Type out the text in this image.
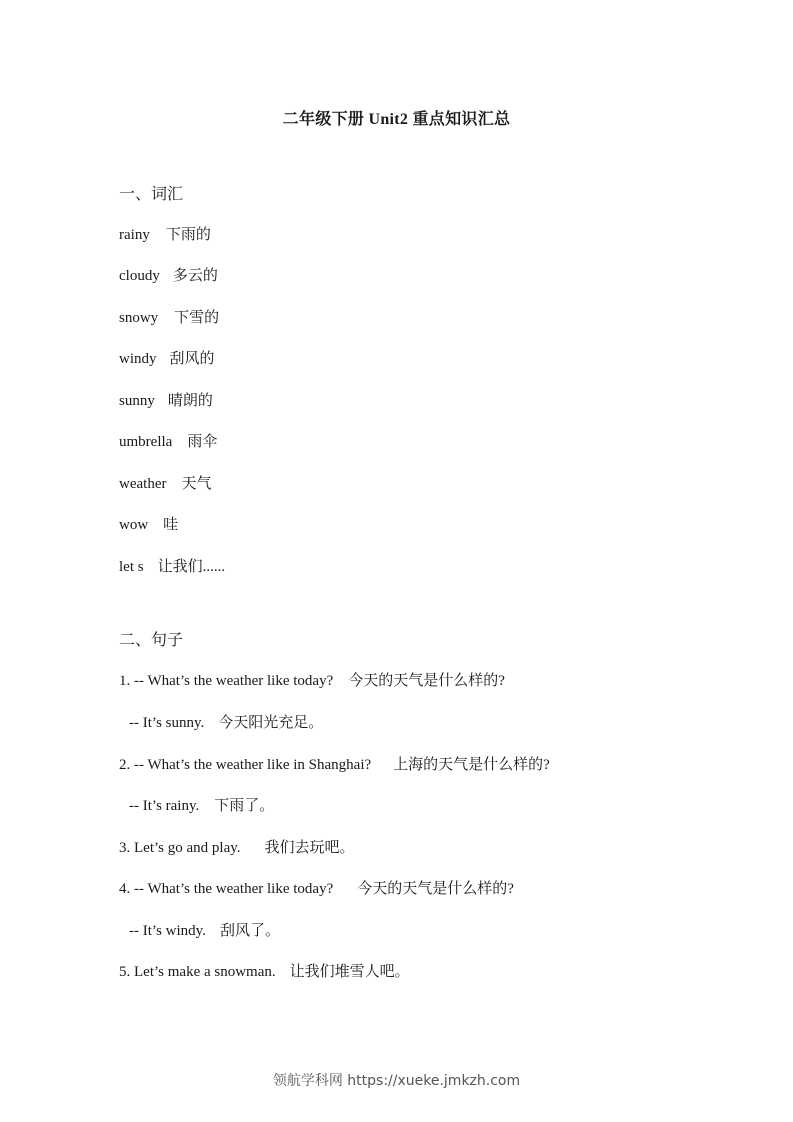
二年级下册 Unit2 重点知识汇总
一、词汇
rainy 下雨的
cloudy 多云的
snowy 下雪的
windy 刮风的
sunny 晴朗的
umbrella 雨伞
weather 天气
wow 哇
let s 让我们......
二、句子
1. -- What’s the weather like today? 今天的天气是什么样的?
-- It’s sunny. 今天阳光充足。
2. -- What’s the weather like in Shanghai? 上海的天气是什么样的?
-- It’s rainy. 下雨了。
3. Let’s go and play. 我们去玩吧。
4. -- What’s the weather like today? 今天的天气是什么样的?
-- It’s windy. 刮风了。
5. Let’s make a snowman. 让我们堆雪人吧。
领航学科网 https://xueke.jmkzh.com
